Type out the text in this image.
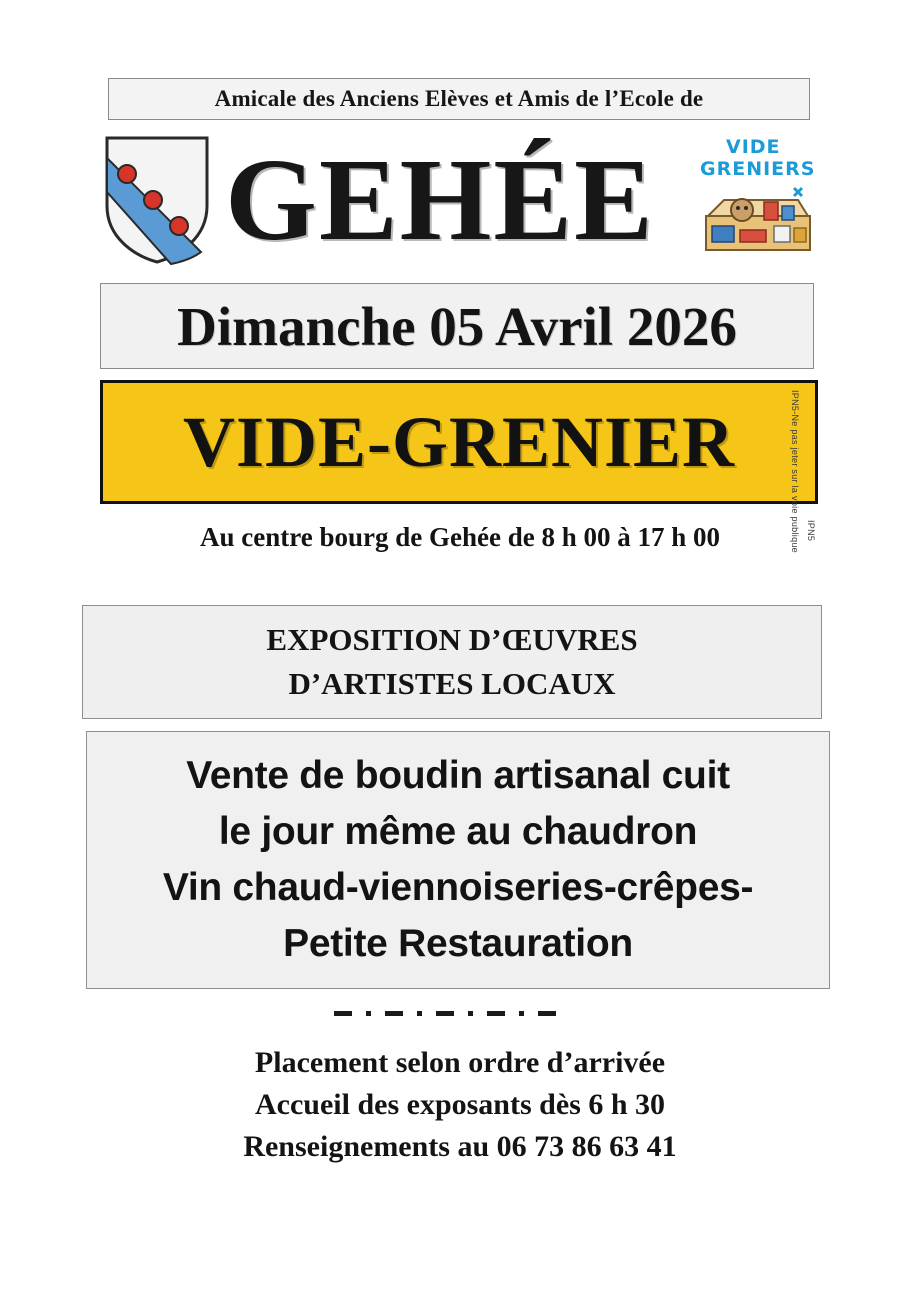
Amicale des Anciens Elèves et Amis de l’Ecole de
GEHÉE	VIDE
GRENIERS
Dimanche 05 Avril 2026
VIDE-GRENIER
Au centre bourg de Gehée de 8 h 00 à 17 h 00	IPN5-Ne pas jeter sur la voie publique IPN5
EXPOSITION D’ŒUVRES
D’ARTISTES LOCAUX
Vente de boudin artisanal cuit
le jour même au chaudron
Vin chaud-viennoiseries-crêpes-
Petite Restauration
Placement selon ordre d’arrivée
Accueil des exposants dès 6 h 30
Renseignements au 06 73 86 63 41
